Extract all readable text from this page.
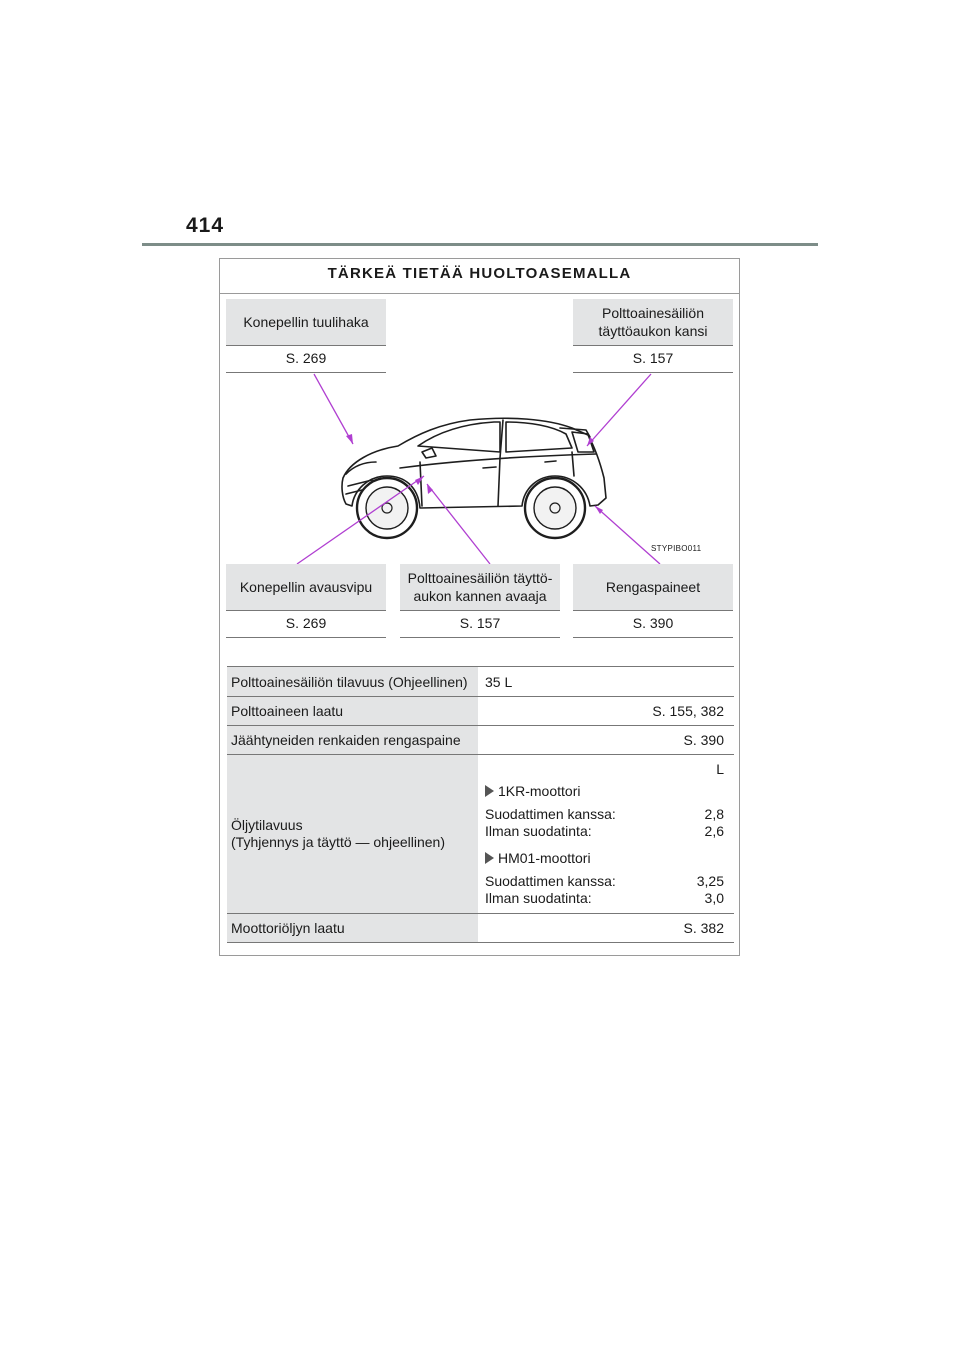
414
TÄRKEÄ TIETÄÄ HUOLTOASEMALLA
Konepellin tuulihaka
S. 269
Polttoainesäiliön
täyttöaukon kansi
S. 157
STYPIBO011
Konepellin avausvipu
S. 269
Polttoainesäiliön täyttö-
aukon kannen avaaja
S. 157
Rengaspaineet
S. 390
Polttoainesäiliön tilavuus (Ohjeellinen)	35 L
Polttoaineen laatu	S. 155, 382
Jäähtyneiden renkaiden rengaspaine	S. 390
Öljytilavuus
(Tyhjennys ja täyttö — ohjeellinen)
L
1KR-moottori
Suodattimen kanssa:	2,8
Ilman suodatinta:	2,6
HM01-moottori
Suodattimen kanssa:	3,25
Ilman suodatinta:	3,0
Moottoriöljyn laatu	S. 382
